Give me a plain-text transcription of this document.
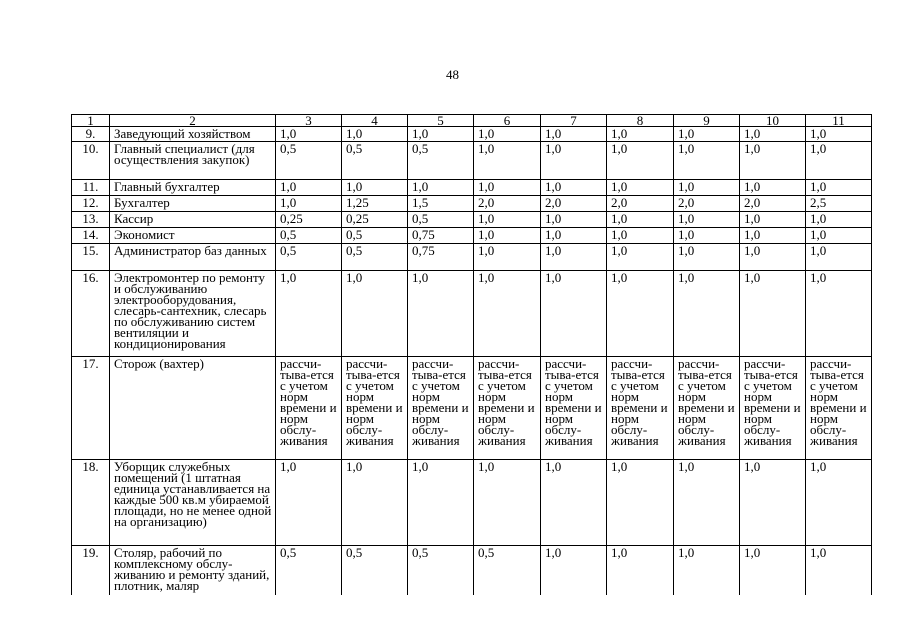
48
1	2	3	4	5	6	7	8	9	10	11
9.	Заведующий хозяйством	1,0	1,0	1,0	1,0	1,0	1,0	1,0	1,0	1,0
10.	Главный специалист (для осуществления закупок)	0,5	0,5	0,5	1,0	1,0	1,0	1,0	1,0	1,0
11.	Главный бухгалтер	1,0	1,0	1,0	1,0	1,0	1,0	1,0	1,0	1,0
12.	Бухгалтер	1,0	1,25	1,5	2,0	2,0	2,0	2,0	2,0	2,5
13.	Кассир	0,25	0,25	0,5	1,0	1,0	1,0	1,0	1,0	1,0
14.	Экономист	0,5	0,5	0,75	1,0	1,0	1,0	1,0	1,0	1,0
15.	Администратор баз данных	0,5	0,5	0,75	1,0	1,0	1,0	1,0	1,0	1,0
16.	Электромонтер по ремонту и обслуживанию электрооборудования, слесарь-сантехник, слесарь по обслуживанию систем вентиляции и кондиционирования	1,0	1,0	1,0	1,0	1,0	1,0	1,0	1,0	1,0
17.	Сторож (вахтер)	рассчи-тыва-ется с учетом норм времени и норм обслу-живания	рассчи-тыва-ется с учетом норм времени и норм обслу-живания	рассчи-тыва-ется с учетом норм времени и норм обслу-живания	рассчи-тыва-ется с учетом норм времени и норм обслу-живания	рассчи-тыва-ется с учетом норм времени и норм обслу-живания	рассчи-тыва-ется с учетом норм времени и норм обслу-живания	рассчи-тыва-ется с учетом норм времени и норм обслу-живания	рассчи-тыва-ется с учетом норм времени и норм обслу-живания	рассчи-тыва-ется с учетом норм времени и норм обслу-живания
18.	Уборщик служебных помещений (1 штатная единица устанавливается на каждые 500 кв.м убираемой площади, но не менее одной на организацию)	1,0	1,0	1,0	1,0	1,0	1,0	1,0	1,0	1,0
19.	Столяр, рабочий по комплексному обслу-живанию и ремонту зданий, плотник, маляр	0,5	0,5	0,5	0,5	1,0	1,0	1,0	1,0	1,0
